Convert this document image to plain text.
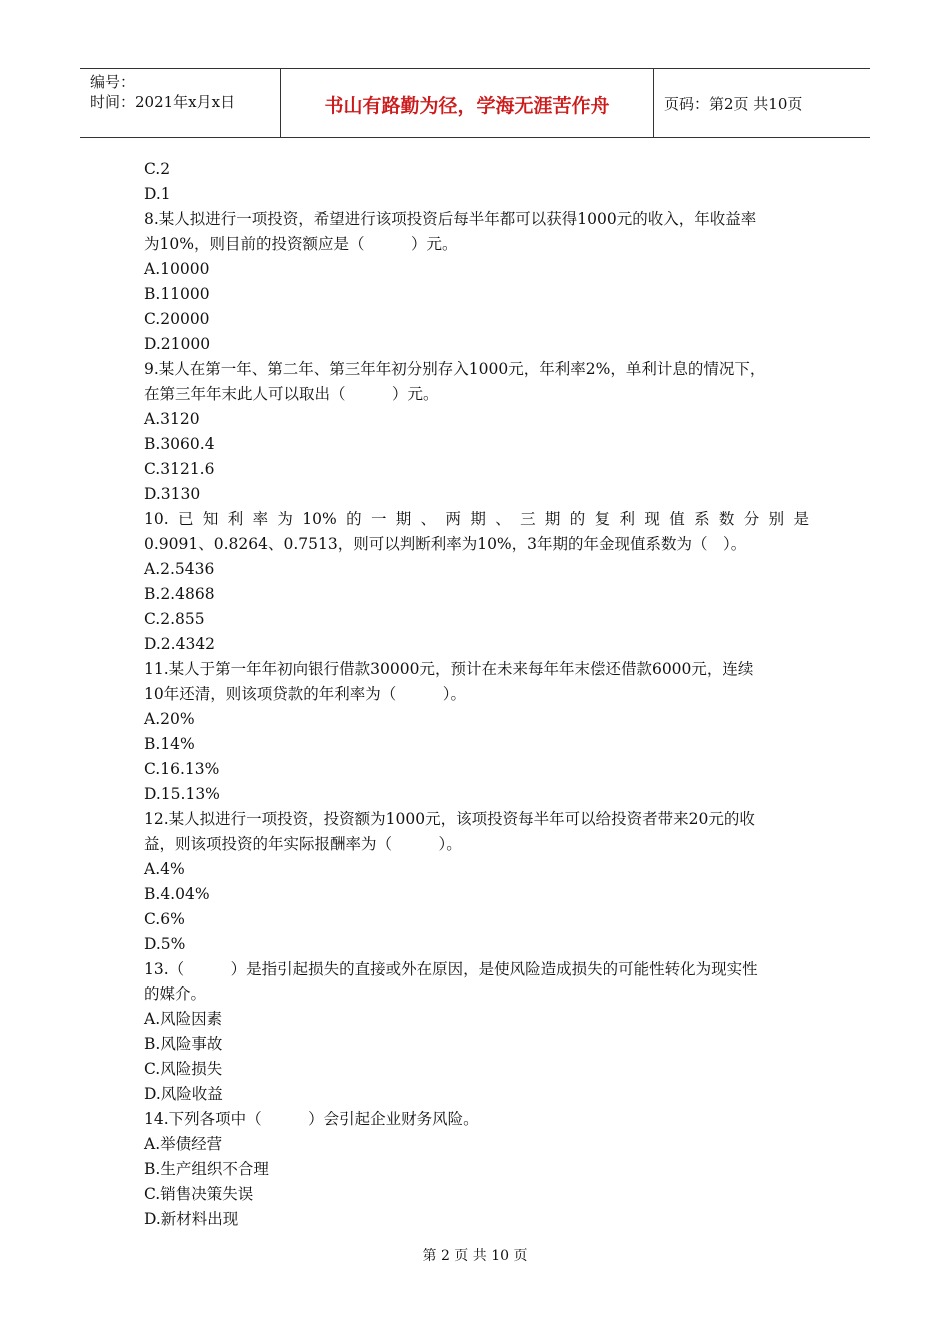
编号：
时间：2021年x月x日	书山有路勤为径，学海无涯苦作舟	页码：第2页 共10页
C.2
D.1
8.某人拟进行一项投资，希望进行该项投资后每半年都可以获得1000元的收入，年收益率
为10%，则目前的投资额应是（　　　）元。
A.10000
B.11000
C.20000
D.21000
9.某人在第一年、第二年、第三年年初分别存入1000元，年利率2%，单利计息的情况下，
在第三年年末此人可以取出（　　　）元。
A.3120
B.3060.4
C.3121.6
D.3130
10.已知利率为10%的一期、两期、三期的复利现值系数分别是
0.9091、0.8264、0.7513，则可以判断利率为10%，3年期的年金现值系数为（　）。
A.2.5436
B.2.4868
C.2.855
D.2.4342
11.某人于第一年年初向银行借款30000元，预计在未来每年年末偿还借款6000元，连续
10年还清，则该项贷款的年利率为（　　　）。
A.20%
B.14%
C.16.13%
D.15.13%
12.某人拟进行一项投资，投资额为1000元，该项投资每半年可以给投资者带来20元的收
益，则该项投资的年实际报酬率为（　　　）。
A.4%
B.4.04%
C.6%
D.5%
13.（　　　）是指引起损失的直接或外在原因，是使风险造成损失的可能性转化为现实性
的媒介。
A.风险因素
B.风险事故
C.风险损失
D.风险收益
14.下列各项中（　　　）会引起企业财务风险。
A.举债经营
B.生产组织不合理
C.销售决策失误
D.新材料出现
第 2 页 共 10 页
